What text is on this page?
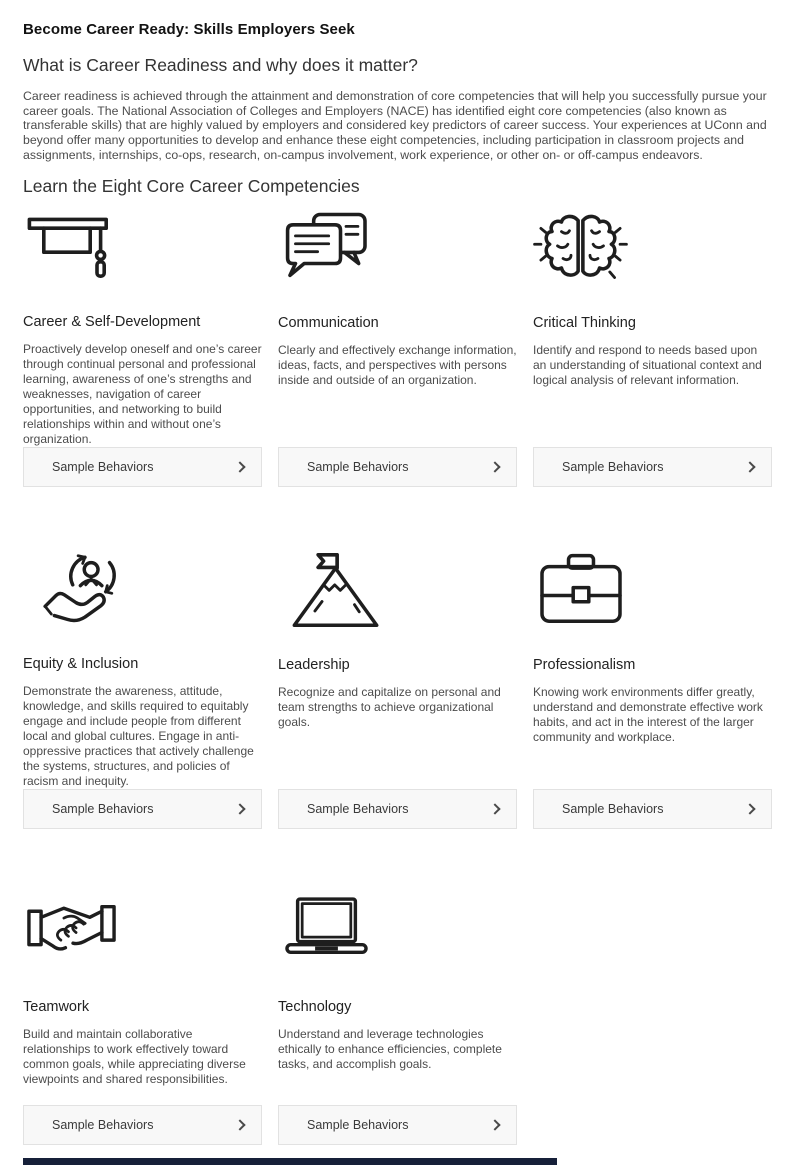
Become Career Ready: Skills Employers Seek
What is Career Readiness and why does it matter?

Career readiness is achieved through the attainment and demonstration of core competencies that will help you successfully pursue your career goals. The National Association of Colleges and Employers (NACE) has identified eight core competencies (also known as transferable skills) that are highly valued by employers and considered key predictors of career success. Your experiences at UConn and beyond offer many opportunities to develop and enhance these eight competencies, including participation in classroom projects and assignments, internships, co-ops, research, on-campus involvement, work experience, or other on- or off-campus endeavors.

Learn the Eight Core Career Competencies
Career & Self-Development

Proactively develop oneself and one’s career through continual personal and professional learning, awareness of one’s strengths and weaknesses, navigation of career opportunities, and networking to build relationships within and without one’s organization.

Sample Behaviors
Communication

Clearly and effectively exchange information, ideas, facts, and perspectives with persons inside and outside of an organization.

Sample Behaviors
Critical Thinking

Identify and respond to needs based upon an understanding of situational context and logical analysis of relevant information.

Sample Behaviors
Equity & Inclusion

Demonstrate the awareness, attitude, knowledge, and skills required to equitably engage and include people from different local and global cultures. Engage in anti-oppressive practices that actively challenge the systems, structures, and policies of racism and inequity.

Sample Behaviors
Leadership

Recognize and capitalize on personal and team strengths to achieve organizational goals.

Sample Behaviors
Professionalism

Knowing work environments differ greatly, understand and demonstrate effective work habits, and act in the interest of the larger community and workplace.

Sample Behaviors
Teamwork

Build and maintain collaborative relationships to work effectively toward common goals, while appreciating diverse viewpoints and shared responsibilities.

Sample Behaviors
Technology

Understand and leverage technologies ethically to enhance efficiencies, complete tasks, and accomplish goals.

Sample Behaviors
